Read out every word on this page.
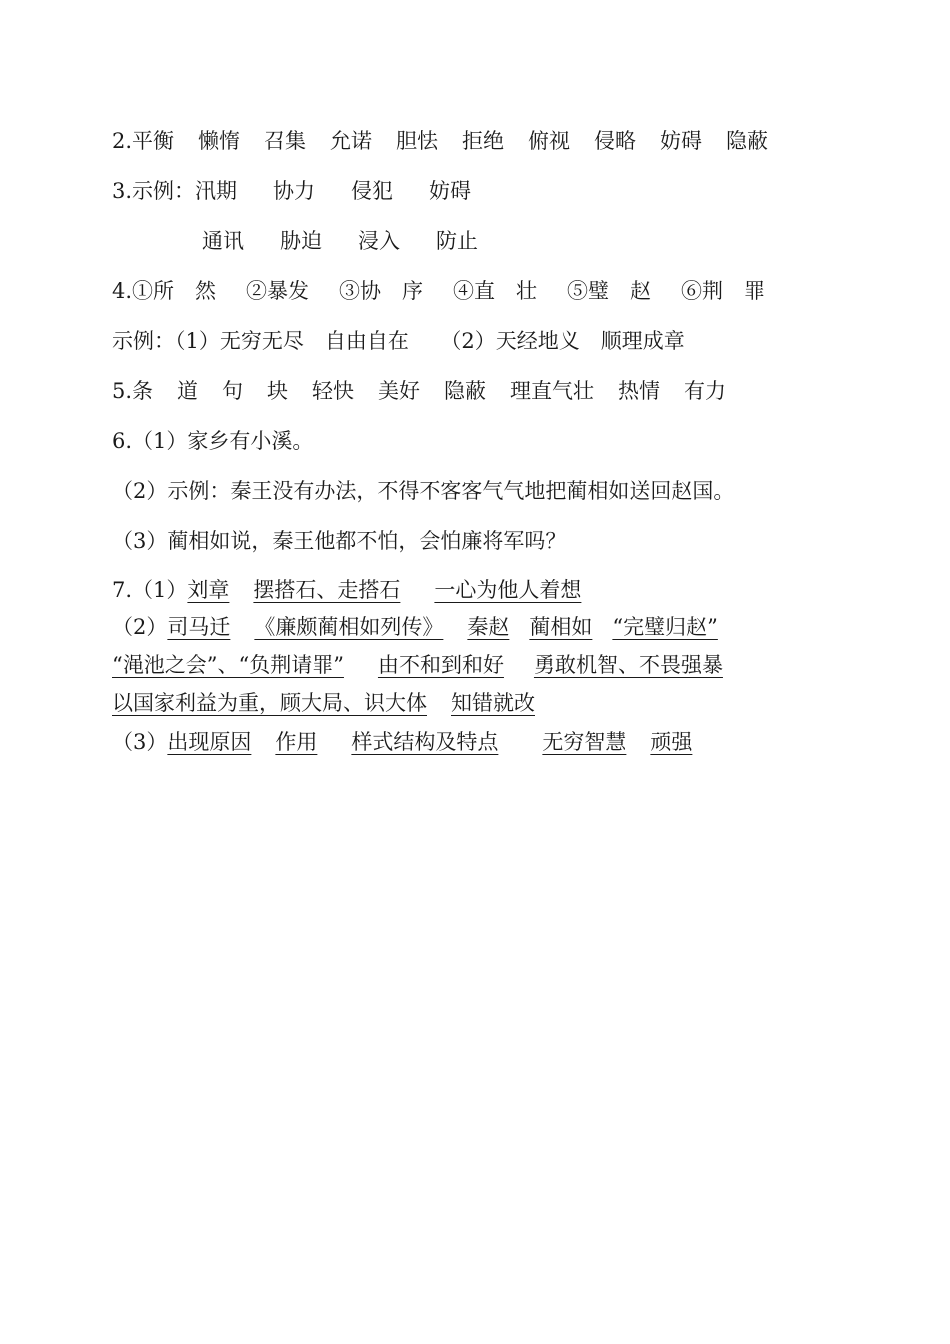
2.平衡 懒惰 召集 允诺 胆怯 拒绝 俯视 侵略 妨碍 隐蔽
3.示例：汛期 协力 侵犯 妨碍
通讯 胁迫 浸入 防止
4.①所　然 ②暴发 ③协　序 ④直　壮 ⑤璧　赵 ⑥荆　罪
示例：（1）无穷无尽　自由自在　　（2）天经地义　顺理成章
5.条 道 句 块 轻快 美好 隐蔽 理直气壮 热情 有力
6.（1）家乡有小溪。
（2）示例：秦王没有办法，不得不客客气气地把蔺相如送回赵国。
（3）蔺相如说，秦王他都不怕，会怕廉将军吗？
7.（1）刘章 摆搭石、走搭石 一心为他人着想
（2）司马迁 《廉颇蔺相如列传》 秦赵 蔺相如 “完璧归赵”
“渑池之会”、“负荆请罪” 由不和到和好 勇敢机智、不畏强暴
以国家利益为重，顾大局、识大体 知错就改
（3）出现原因 作用 样式结构及特点 无穷智慧 顽强
